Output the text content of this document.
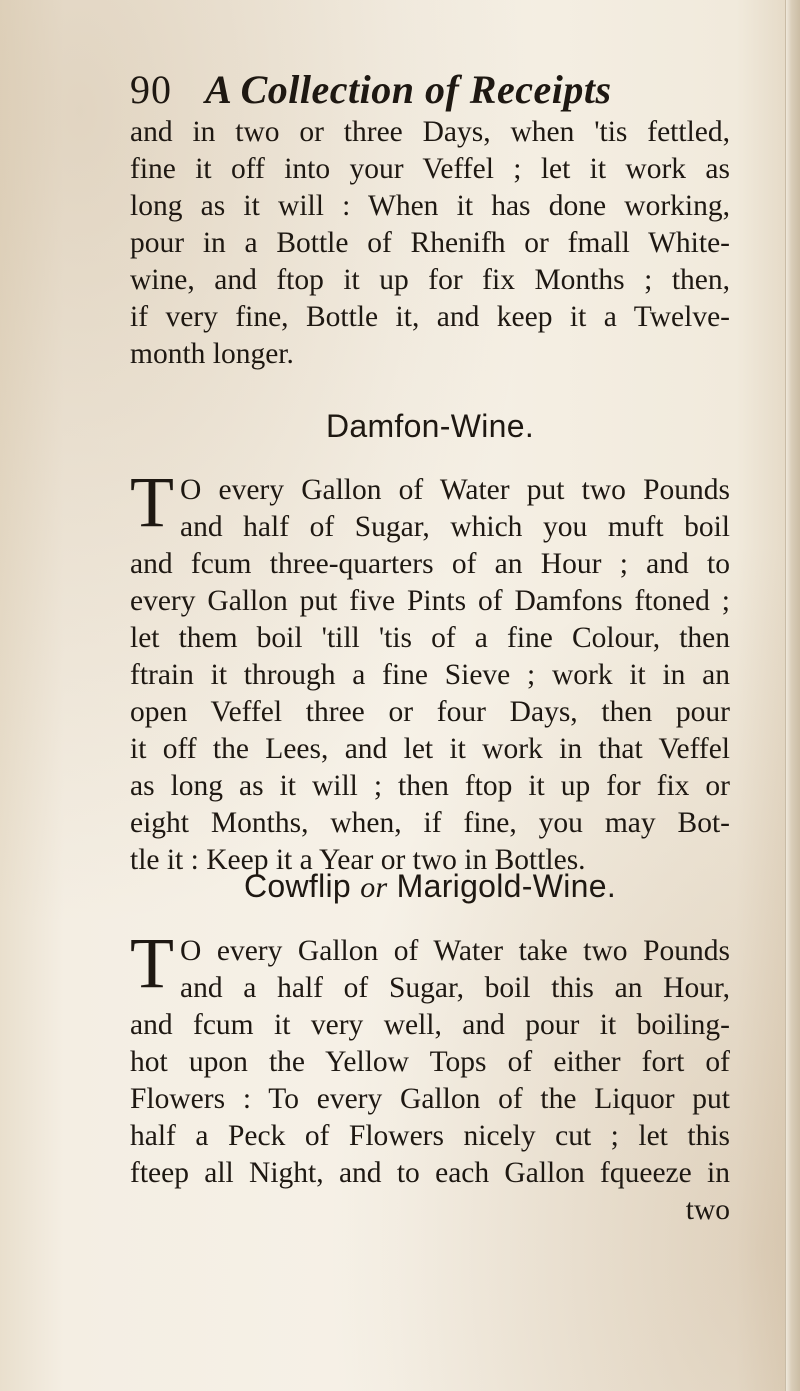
90 A Collection of Receipts
and in two or three Days, when 'tis fettled,
fine it off into your Veffel ; let it work as
long as it will : When it has done working,
pour in a Bottle of Rhenifh or fmall White-
wine, and ftop it up for fix Months ; then,
if very fine, Bottle it, and keep it a Twelve-
month longer.
Damfon-Wine.
T O every Gallon of Water put two Pounds
and half of Sugar, which you muft boil
and fcum three-quarters of an Hour ; and to
every Gallon put five Pints of Damfons ftoned ;
let them boil 'till 'tis of a fine Colour, then
ftrain it through a fine Sieve ; work it in an
open Veffel three or four Days, then pour
it off the Lees, and let it work in that Veffel
as long as it will ; then ftop it up for fix or
eight Months, when, if fine, you may Bot-
tle it : Keep it a Year or two in Bottles.
Cowflip or Marigold-Wine.
T O every Gallon of Water take two Pounds
and a half of Sugar, boil this an Hour,
and fcum it very well, and pour it boiling-
hot upon the Yellow Tops of either fort of
Flowers : To every Gallon of the Liquor put
half a Peck of Flowers nicely cut ; let this
fteep all Night, and to each Gallon fqueeze in
two
